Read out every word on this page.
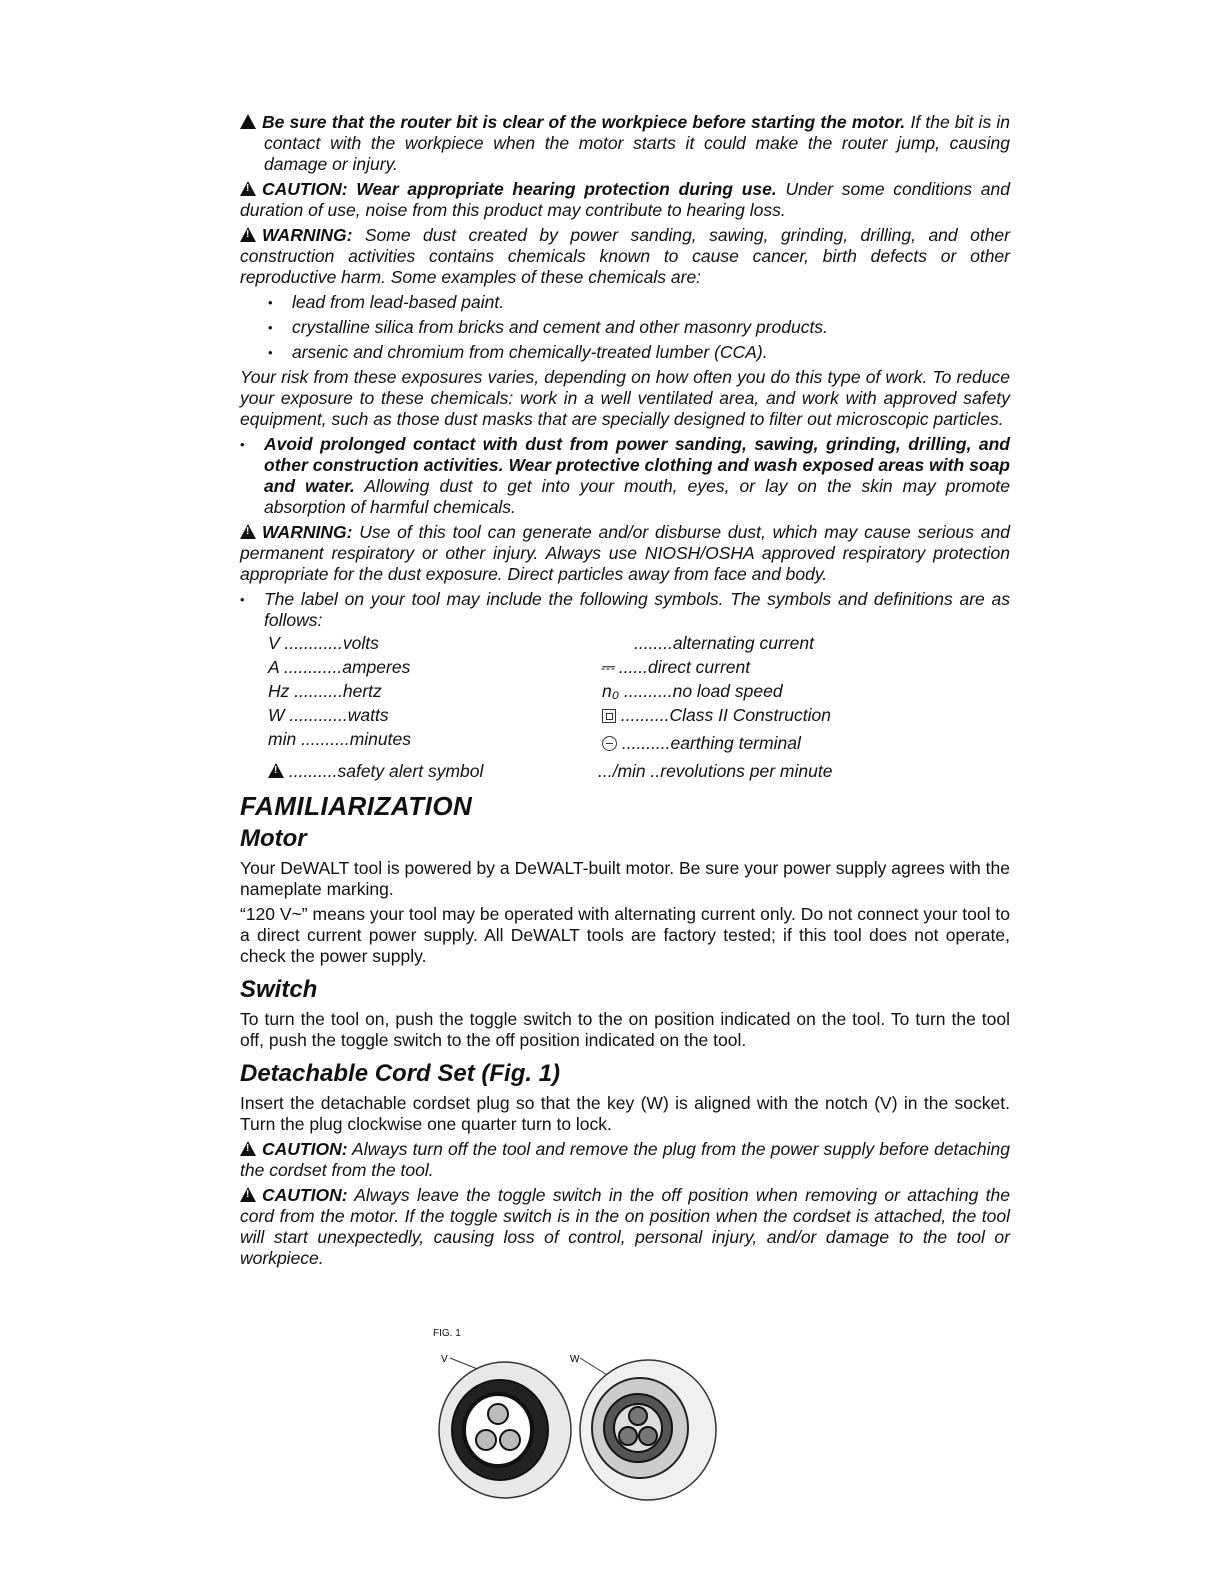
!Be sure that the router bit is clear of the workpiece before starting the motor. If the bit is in contact with the workpiece when the motor starts it could make the router jump, causing damage or injury.

!CAUTION: Wear appropriate hearing protection during use. Under some conditions and duration of use, noise from this product may contribute to hearing loss.

!WARNING: Some dust created by power sanding, sawing, grinding, drilling, and other construction activities contains chemicals known to cause cancer, birth defects or other reproductive harm. Some examples of these chemicals are:

• lead from lead-based paint.
• crystalline silica from bricks and cement and other masonry products.
• arsenic and chromium from chemically-treated lumber (CCA).

Your risk from these exposures varies, depending on how often you do this type of work. To reduce your exposure to these chemicals: work in a well ventilated area, and work with approved safety equipment, such as those dust masks that are specially designed to filter out microscopic particles.

• Avoid prolonged contact with dust from power sanding, sawing, grinding, drilling, and other construction activities. Wear protective clothing and wash exposed areas with soap and water. Allowing dust to get into your mouth, eyes, or lay on the skin may promote absorption of harmful chemicals.

!WARNING: Use of this tool can generate and/or disburse dust, which may cause serious and permanent respiratory or other injury. Always use NIOSH/OSHA approved respiratory protection appropriate for the dust exposure. Direct particles away from face and body.

• The label on your tool may include the following symbols. The symbols and definitions are as follows:

V ............volts	........alternating current
A ............amperes	⎓ ......direct current
Hz ..........hertz	n₀ ..........no load speed
W ............watts	..........Class II Construction
min ..........minutes	..........earthing terminal
! ..........safety alert symbol	.../min ..revolutions per minute
FAMILIARIZATION
Motor

Your DeWALT tool is powered by a DeWALT-built motor. Be sure your power supply agrees with the nameplate marking.

“120 V~” means your tool may be operated with alternating current only. Do not connect your tool to a direct current power supply. All DeWALT tools are factory tested; if this tool does not operate, check the power supply.

Switch

To turn the tool on, push the toggle switch to the on position indicated on the tool. To turn the tool off, push the toggle switch to the off position indicated on the tool.

Detachable Cord Set (Fig. 1)

Insert the detachable cordset plug so that the key (W) is aligned with the notch (V) in the socket. Turn the plug clockwise one quarter turn to lock.

!CAUTION: Always turn off the tool and remove the plug from the power supply before detaching the cordset from the tool.

!CAUTION: Always leave the toggle switch in the off position when removing or attaching the cord from the motor. If the toggle switch is in the on position when the cordset is attached, the tool will start unexpectedly, causing loss of control, personal injury, and/or damage to the tool or workpiece.

FIG. 1
V	W
